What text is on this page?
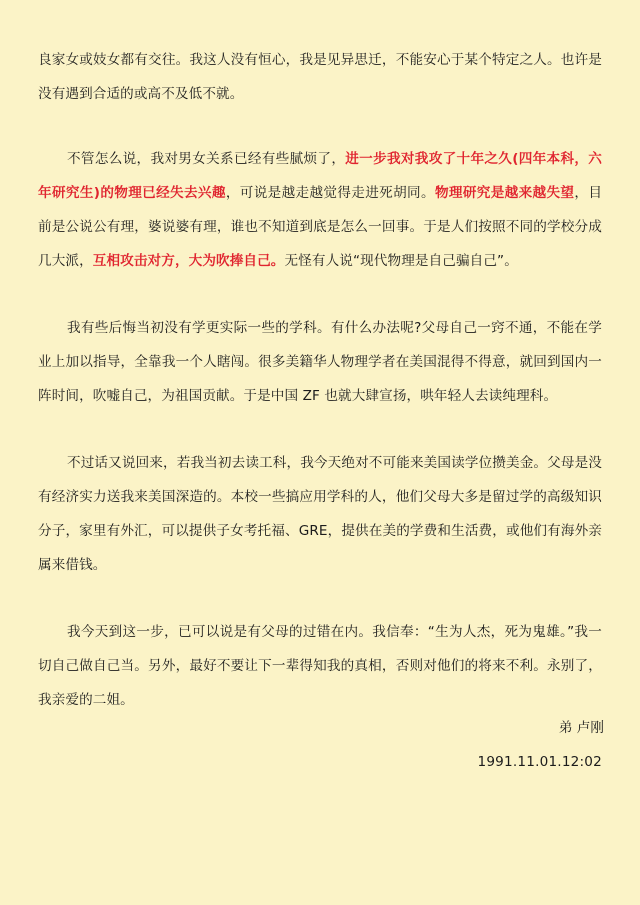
良家女或妓女都有交往。我这人没有恒心，我是见异思迁，不能安心于某个特定之人。也许是没有遇到合适的或高不及低不就。

不管怎么说，我对男女关系已经有些腻烦了，进一步我对我攻了十年之久(四年本科，六年研究生)的物理已经失去兴趣，可说是越走越觉得走进死胡同。物理研究是越来越失望，目前是公说公有理，婆说婆有理，谁也不知道到底是怎么一回事。于是人们按照不同的学校分成几大派，互相攻击对方，大为吹捧自己。无怪有人说“现代物理是自己骗自己”。

我有些后悔当初没有学更实际一些的学科。有什么办法呢?父母自己一窍不通，不能在学业上加以指导，全靠我一个人瞎闯。很多美籍华人物理学者在美国混得不得意，就回到国内一阵时间，吹嘘自己，为祖国贡献。于是中国 ZF 也就大肆宣扬，哄年轻人去读纯理科。

不过话又说回来，若我当初去读工科，我今天绝对不可能来美国读学位攒美金。父母是没有经济实力送我来美国深造的。本校一些搞应用学科的人，他们父母大多是留过学的高级知识分子，家里有外汇，可以提供子女考托福、GRE，提供在美的学费和生活费，或他们有海外亲属来借钱。

我今天到这一步，已可以说是有父母的过错在内。我信奉：“生为人杰，死为鬼雄。”我一切自己做自己当。另外，最好不要让下一辈得知我的真相，否则对他们的将来不利。永别了，我亲爱的二姐。

弟 卢刚
1991.11.01.12:02
